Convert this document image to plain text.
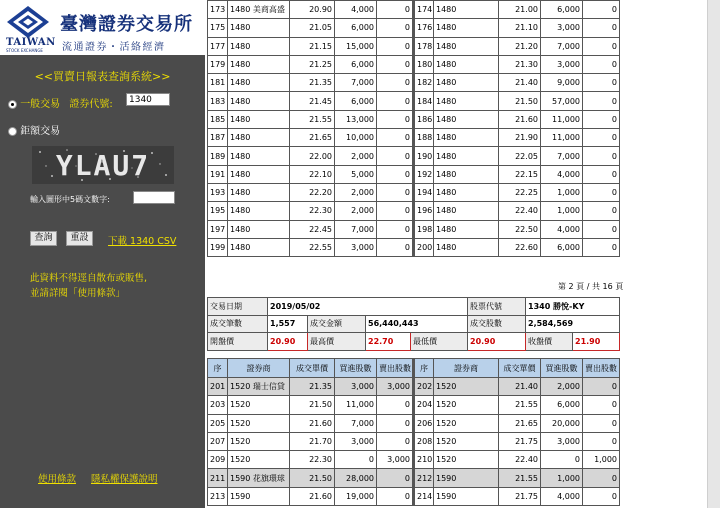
TAIWAN
STOCK EXCHANGE
臺灣證券交易所
流通證券・活絡經濟
<<買賣日報表查詢系統>>
一般交易 證券代號:
1340
鉅額交易
YLAU7
輸入圖形中5碼文數字:
查詢	重設	下載 1340 CSV
此資料不得逕自散布或販售,
並請詳閱「使用條款」
使用條款 隱私權保護說明
173	1480 美商高盛	20.90	4,000	0	174	1480	21.00	6,000	0
175	1480	21.05	6,000	0	176	1480	21.10	3,000	0
177	1480	21.15	15,000	0	178	1480	21.20	7,000	0
179	1480	21.25	6,000	0	180	1480	21.30	3,000	0
181	1480	21.35	7,000	0	182	1480	21.40	9,000	0
183	1480	21.45	6,000	0	184	1480	21.50	57,000	0
185	1480	21.55	13,000	0	186	1480	21.60	11,000	0
187	1480	21.65	10,000	0	188	1480	21.90	11,000	0
189	1480	22.00	2,000	0	190	1480	22.05	7,000	0
191	1480	22.10	5,000	0	192	1480	22.15	4,000	0
193	1480	22.20	2,000	0	194	1480	22.25	1,000	0
195	1480	22.30	2,000	0	196	1480	22.40	1,000	0
197	1480	22.45	7,000	0	198	1480	22.50	4,000	0
199	1480	22.55	3,000	0	200	1480	22.60	6,000	0
第 2 頁 / 共 16 頁
交易日期	2019/05/02				股票代號	1340 勝悅-KY	
成交筆數	1,557	成交金額	56,440,443		成交股數	2,584,569	
開盤價	20.90	最高價	22.70	最低價	20.90	收盤價	21.90
序	證券商	成交單價	買進股數	賣出股數	序	證券商	成交單價	買進股數	賣出股數
201	1520 瑞士信貸	21.35	3,000	3,000	202	1520	21.40	2,000	0
203	1520	21.50	11,000	0	204	1520	21.55	6,000	0
205	1520	21.60	7,000	0	206	1520	21.65	20,000	0
207	1520	21.70	3,000	0	208	1520	21.75	3,000	0
209	1520	22.30	0	3,000	210	1520	22.40	0	1,000
211	1590 花旗環球	21.50	28,000	0	212	1590	21.55	1,000	0
213	1590	21.60	19,000	0	214	1590	21.75	4,000	0
